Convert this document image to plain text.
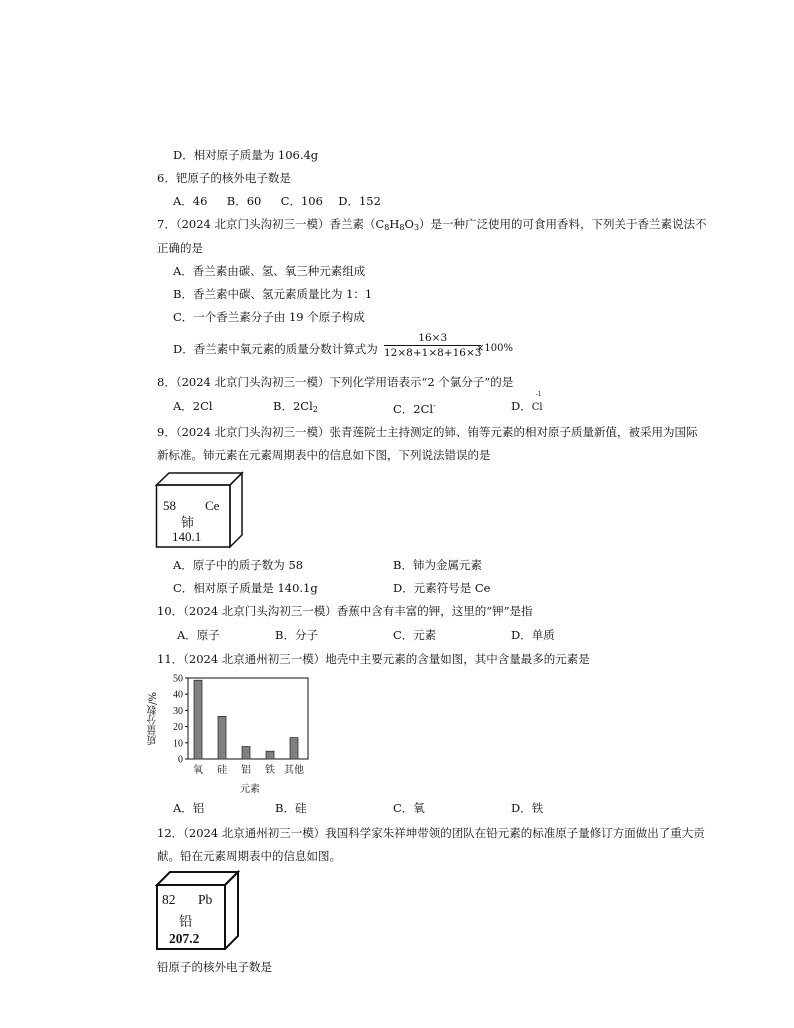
D．相对原子质量为 106.4g
6．钯原子的核外电子数是
A．46 B．60 C．106 D．152
7．（2024 北京门头沟初三一模）香兰素$(C_8H_8O_3)$是一种广泛使用的可食用香料，下列关于香兰素说法不
正确的是
A．香兰素由碳、氢、氧三种元素组成
B．香兰素中碳、氢元素质量比为 1：1
C．一个香兰素分子由 19 个原子构成
D．香兰素中氧元素的质量分数计算式为 $\frac{16\times 3}{12\times 8+1\times 8+16\times 3}$
×100%
8．（2024 北京门头沟初三一模）下列化学用语表示“2 个氯分子”的是
A．2Cl	B．$2Cl_2$	C．2Cl-	D．
-1
Cl
9．（2024 北京门头沟初三一模）张青莲院士主持测定的铈、铕等元素的相对原子质量新值，被采用为国际
新标准。铈元素在元素周期表中的信息如下图，下列说法错误的是
58 Ce
铈
140.1
A．原子中的质子数为 58	B．铈为金属元素
C．相对原子质量是 140.1g	D．元素符号是 Ce
10．（2024 北京门头沟初三一模）香蕉中含有丰富的钾，这里的“钾”是指
A．原子	B．分子	C．元素	D．单质
11．（2024 北京通州初三一模）地壳中主要元素的含量如图，其中含量最多的元素是
0
10
20
30
40
50
氧 硅 铝 铁 其他
质量分数/%
元素
A．铝	B．硅	C．氧	D．铁
12．（2024 北京通州初三一模）我国科学家朱祥坤带领的团队在铅元素的标准原子量修订方面做出了重大贡
献。铅在元素周期表中的信息如图。
82 Pb
铅
207.2
铅原子的核外电子数是
